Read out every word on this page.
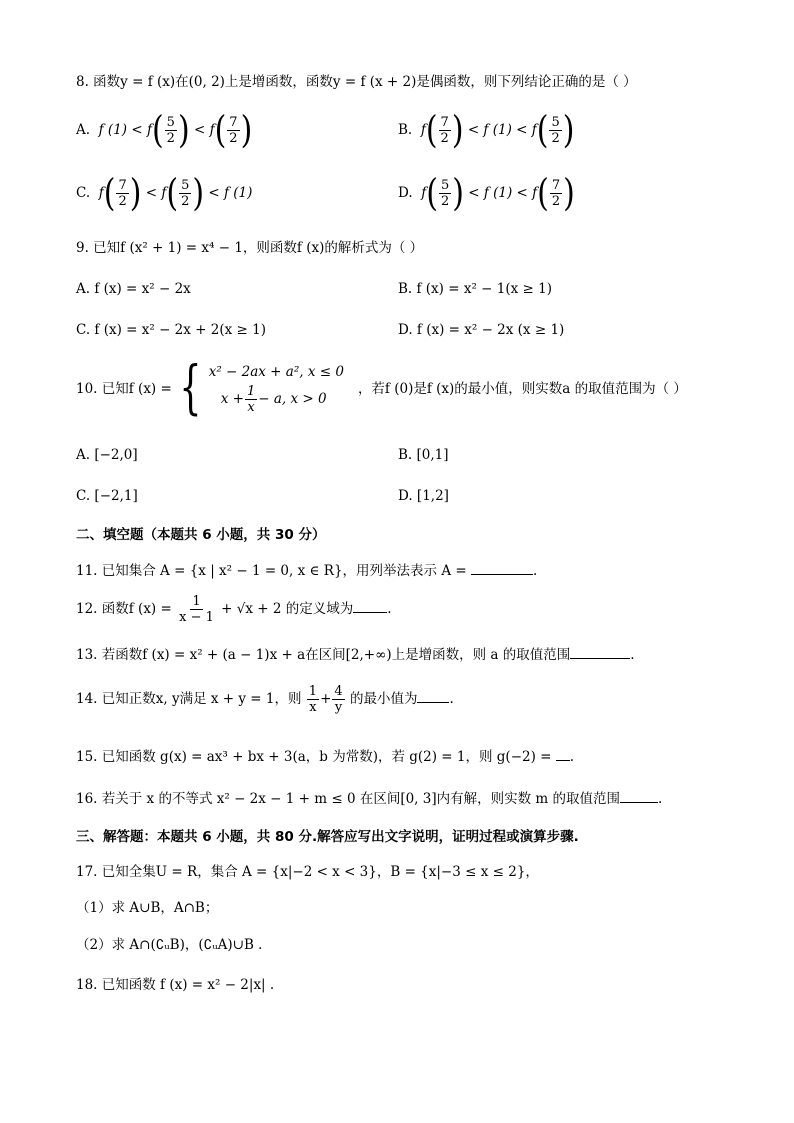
8. 函数y = f (x)在(0, 2)上是增函数，函数y = f (x + 2)是偶函数，则下列结论正确的是（ ）
A. f $(1) < f( \frac{5}{2}$ ) < $f( \frac{7}{2}$ )	B. $f( \frac{7}{2}$ ) < f $(1) < f( \frac{5}{2}$ )
C. $f( \frac{7}{2}$ ) < $f( \frac{5}{2}$ ) < f (1)	D. $f( \frac{5}{2}$ ) < f $(1) < f( \frac{7}{2}$ )
9. 已知f (x² + 1) = x⁴ − 1，则函数f (x)的解析式为（ ）
A. f (x) = x² − 2x	B. f (x) = x² − 1(x ≥ 1)
C. f (x) = x² − 2x + 2(x ≥ 1)	D. f (x) = x² − 2x (x ≥ 1)
10. 已知f (x) = { x² − 2ax + a², x ≤ 0
$x + \frac{1}{x} - a$, x > 0
，若f (0)是f (x)的最小值，则实数a 的取值范围为（ ）
A. [−2,0]	B. [0,1]
C. [−2,1]	D. [1,2]
二、填空题（本题共 6 小题，共 30 分）
11. 已知集合 A = {x | x² − 1 = 0, x ∈ R}，用列举法表示 A =	.
12. 函数f $(x) = \frac{1}{x - 1} + √x + 2$ 的定义域为	.
13. 若函数f (x) = x² + (a − 1)x + a在区间[2,+∞)上是增函数，则 a 的取值范围	.
14. 已知正数x, y满足 x + y = 1，则 $\frac{1}{x} + \frac{4}{y}$ 的最小值为 .
15. 已知函数 g(x) = ax³ + bx + 3(a，b 为常数)，若 g(2) = 1，则 g(−2) = .
16. 若关于 x 的不等式 x² − 2x − 1 + m ≤ 0 在区间[0, 3]内有解，则实数 m 的取值范围	.
三、解答题：本题共 6 小题，共 80 分.解答应写出文字说明，证明过程或演算步骤.
17. 已知全集U = R，集合 A = {x|−2 < x < 3}，B = {x|−3 ≤ x ≤ 2}，
（1）求 A∪B，A∩B；
（2）求 A∩(∁ᵤB)，(∁ᵤA)∪B .
18. 已知函数 f (x) = x² − 2|x| .
